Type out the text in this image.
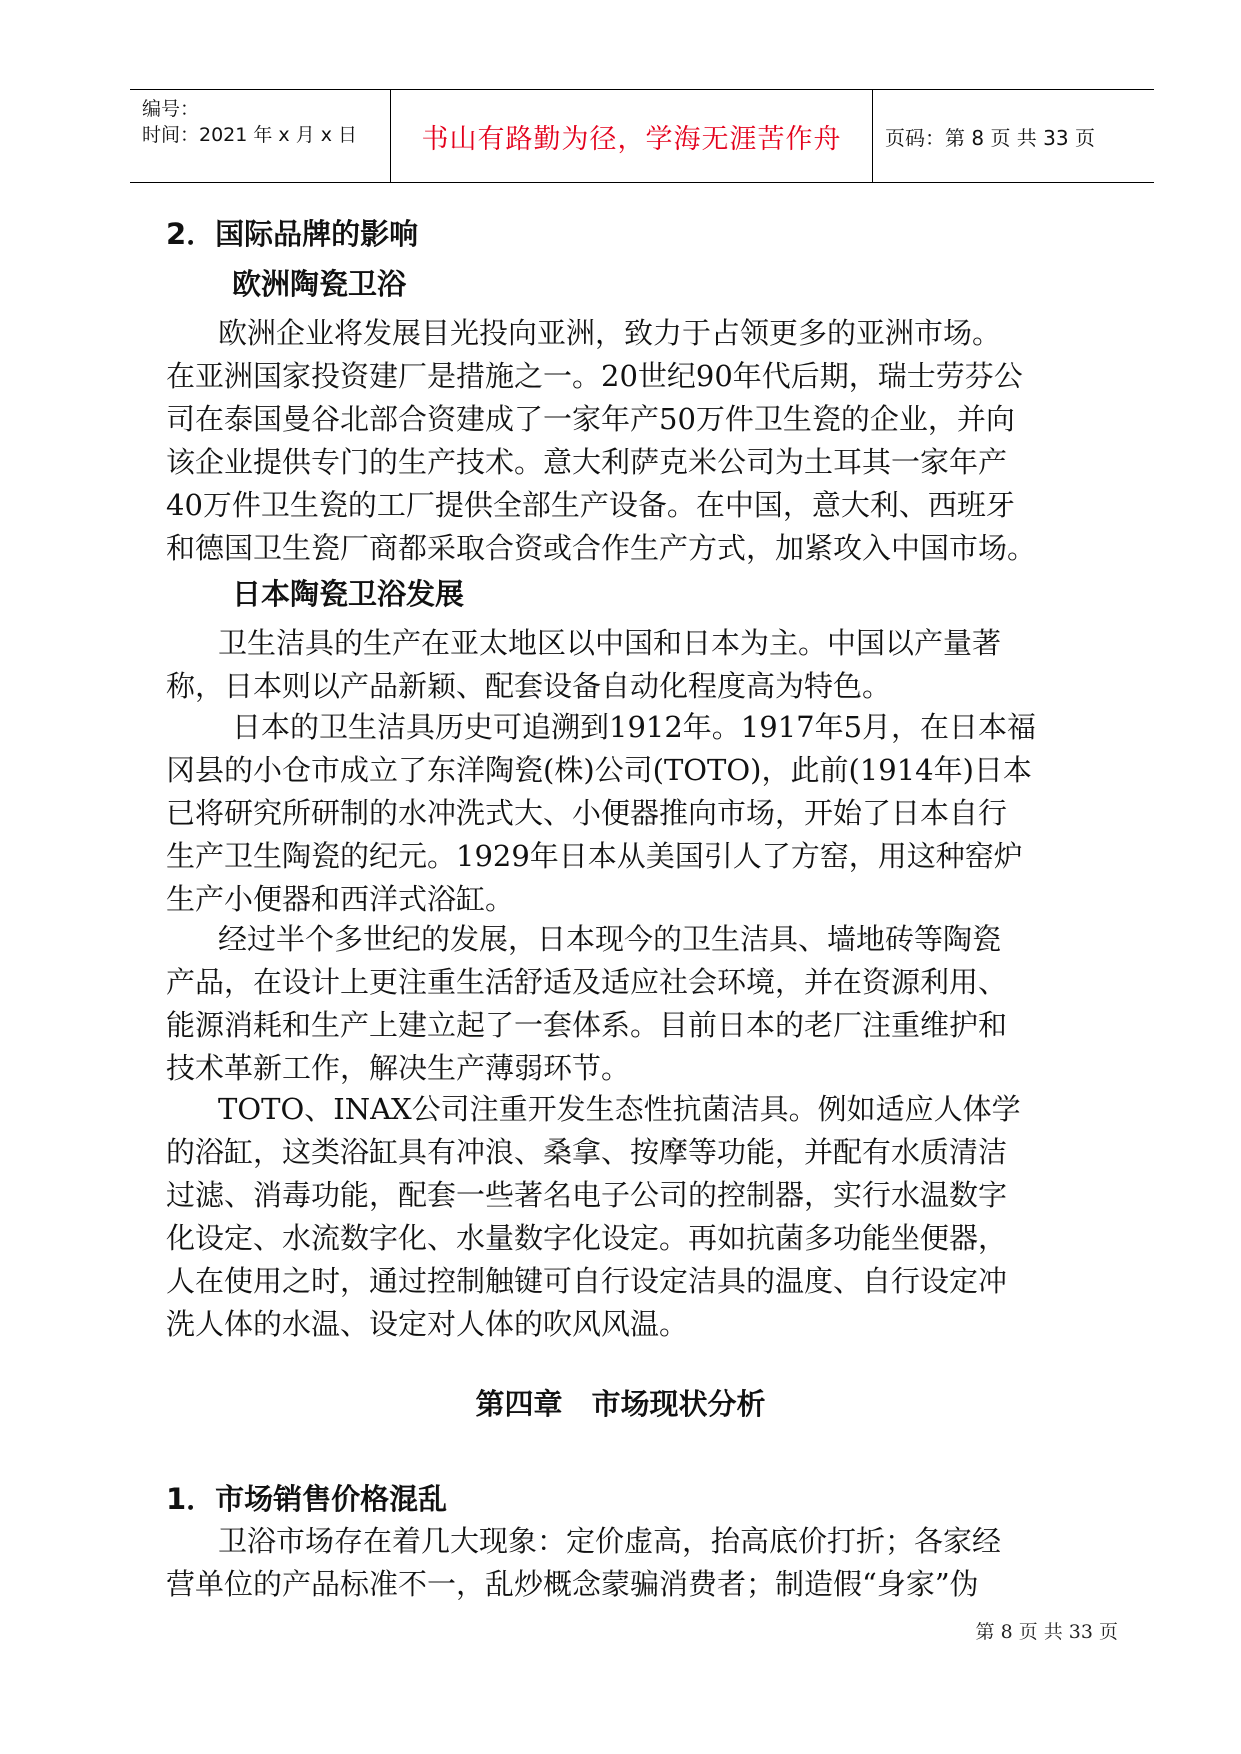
编号：
时间：2021 年 x 月 x 日 书山有路勤为径，学海无涯苦作舟 页码：第 8 页 共 33 页
2．国际品牌的影响
欧洲陶瓷卫浴
欧洲企业将发展目光投向亚洲，致力于占领更多的亚洲市场。
在亚洲国家投资建厂是措施之一。20世纪90年代后期，瑞士劳芬公
司在泰国曼谷北部合资建成了一家年产50万件卫生瓷的企业，并向
该企业提供专门的生产技术。意大利萨克米公司为土耳其一家年产
40万件卫生瓷的工厂提供全部生产设备。在中国，意大利、西班牙
和德国卫生瓷厂商都采取合资或合作生产方式，加紧攻入中国市场。
日本陶瓷卫浴发展
卫生洁具的生产在亚太地区以中国和日本为主。中国以产量著
称，日本则以产品新颖、配套设备自动化程度高为特色。
日本的卫生洁具历史可追溯到1912年。1917年5月，在日本福
冈县的小仓市成立了东洋陶瓷(株)公司(TOTO)，此前(1914年)日本
已将研究所研制的水冲洗式大、小便器推向市场，开始了日本自行
生产卫生陶瓷的纪元。1929年日本从美国引人了方窑，用这种窑炉
生产小便器和西洋式浴缸。
经过半个多世纪的发展，日本现今的卫生洁具、墙地砖等陶瓷
产品，在设计上更注重生活舒适及适应社会环境，并在资源利用、
能源消耗和生产上建立起了一套体系。目前日本的老厂注重维护和
技术革新工作，解决生产薄弱环节。
TOTO、INAX公司注重开发生态性抗菌洁具。例如适应人体学
的浴缸，这类浴缸具有冲浪、桑拿、按摩等功能，并配有水质清洁
过滤、消毒功能，配套一些著名电子公司的控制器，实行水温数字
化设定、水流数字化、水量数字化设定。再如抗菌多功能坐便器，
人在使用之时，通过控制触键可自行设定洁具的温度、自行设定冲
洗人体的水温、设定对人体的吹风风温。
第四章　市场现状分析
1．市场销售价格混乱
卫浴市场存在着几大现象：定价虚高，抬高底价打折；各家经
营单位的产品标准不一，乱炒概念蒙骗消费者；制造假“身家”伪
第 8 页 共 33 页
